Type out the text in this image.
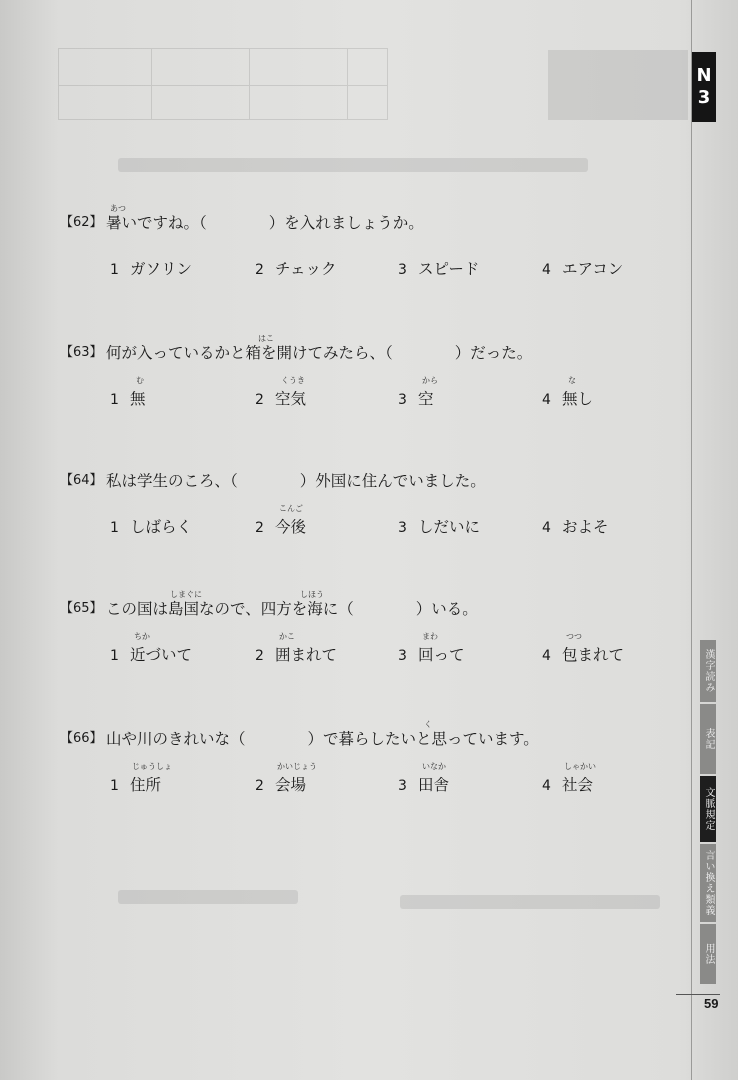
N
3
漢字読み
表記
文脈規定
言い換え類義
用法
59
【62】
あつ
暑いですね。（　　　　）を入れましょうか。
1 ガソリン	2 チェック	3 スピード	4 エアコン
【63】
はこ
何が入っているかと箱を開けてみたら、（　　　　）だった。
む
1 無
くうき
2 空気
から
3 空
な
4 無し
【64】 私は学生のころ、（　　　　）外国に住んでいました。
1 しばらく
こんご
2 今後	3 しだいに	4 およそ
【65】
しまぐに	しほう
この国は島国なので、四方を海に（　　　　）いる。
ちか
1 近づいて
かこ
2 囲まれて
まわ
3 回って
つつ
4 包まれて
【66】
く
山や川のきれいな（　　　　）で暮らしたいと思っています。
じゅうしょ
1 住所
かいじょう
2 会場
いなか
3 田舎
しゃかい
4 社会
